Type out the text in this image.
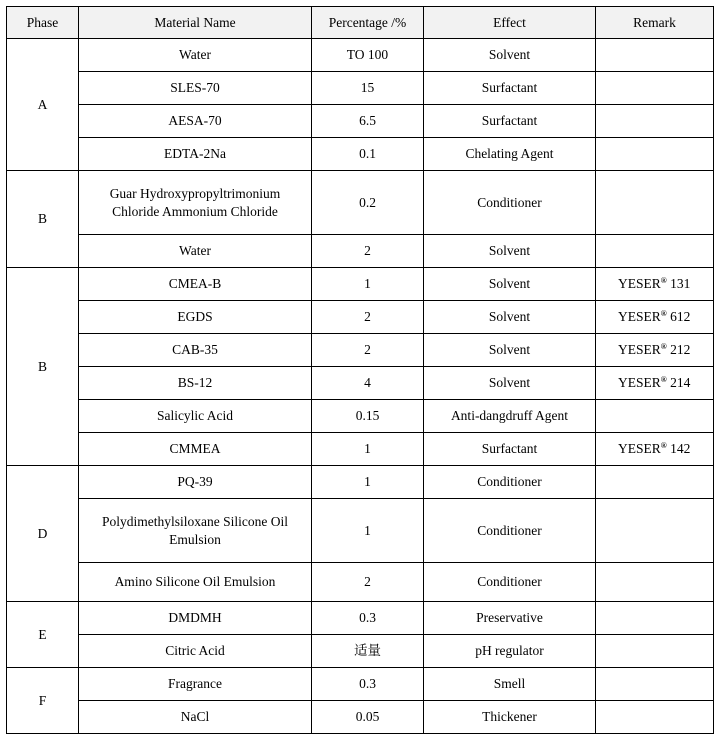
Phase	Material Name	Percentage /%	Effect	Remark
A	Water	TO 100	Solvent	
	SLES-70	15	Surfactant	
	AESA-70	6.5	Surfactant	
	EDTA-2Na	0.1	Chelating Agent	
B	Guar Hydroxypropyltrimonium Chloride Ammonium Chloride	0.2	Conditioner	
	Water	2	Solvent	
B	CMEA-B	1	Solvent	YESER® 131
	EGDS	2	Solvent	YESER® 612
	CAB-35	2	Solvent	YESER® 212
	BS-12	4	Solvent	YESER® 214
	Salicylic Acid	0.15	Anti-dangdruff Agent	
	CMMEA	1	Surfactant	YESER® 142
D	PQ-39	1	Conditioner	
	Polydimethylsiloxane Silicone Oil Emulsion	1	Conditioner	
	Amino Silicone Oil Emulsion	2	Conditioner	
E	DMDMH	0.3	Preservative	
	Citric Acid	适量	pH regulator	
F	Fragrance	0.3	Smell	
	NaCl	0.05	Thickener	
